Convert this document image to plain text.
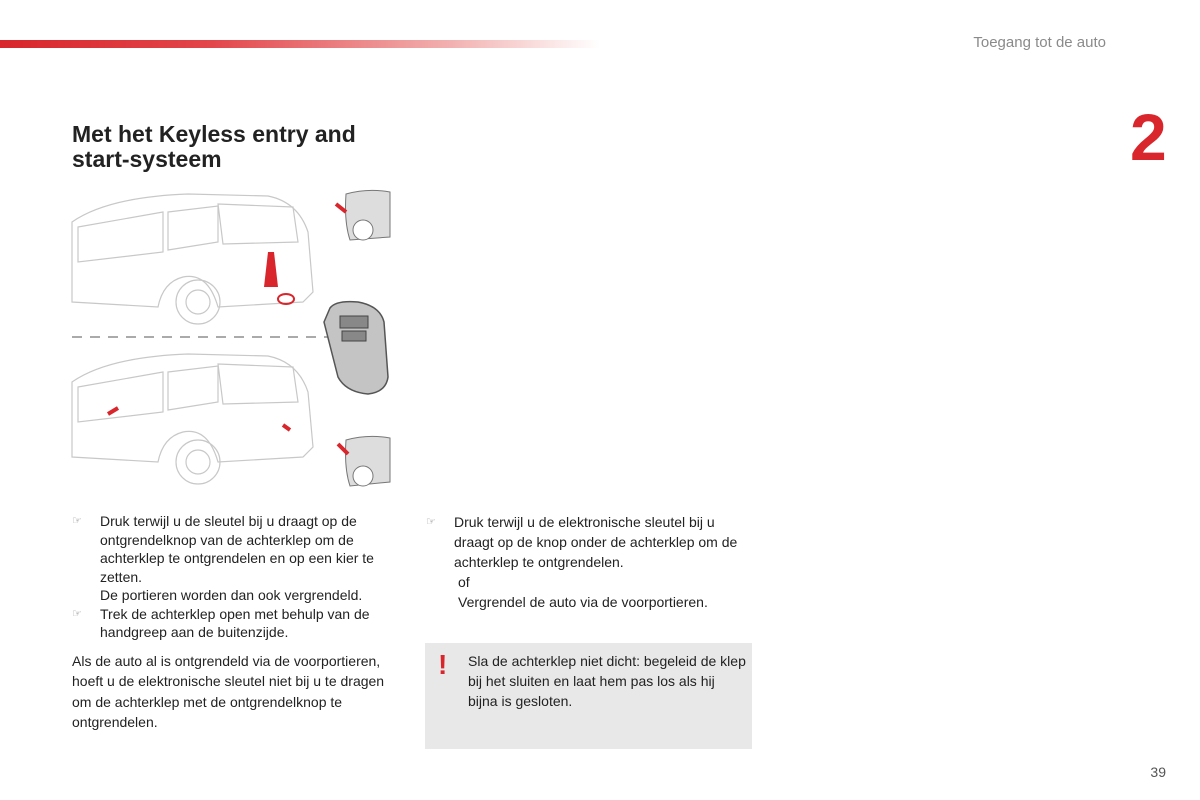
Toegang tot de auto
2
Met het Keyless entry and start-systeem
☞ Druk terwijl u de sleutel bij u draagt op de ontgrendelknop van de achterklep om de achterklep te ontgrendelen en op een kier te zetten.
De portieren worden dan ook vergrendeld.
☞ Trek de achterklep open met behulp van de handgreep aan de buitenzijde.
Als de auto al is ontgrendeld via de voorportieren, hoeft u de elektronische sleutel niet bij u te dragen om de achterklep met de ontgrendelknop te ontgrendelen.
☞ Druk terwijl u de elektronische sleutel bij u draagt op de knop onder de achterklep om de achterklep te ontgrendelen.
of
Vergrendel de auto via de voorportieren.
! Sla de achterklep niet dicht: begeleid de klep bij het sluiten en laat hem pas los als hij bijna is gesloten.
39
